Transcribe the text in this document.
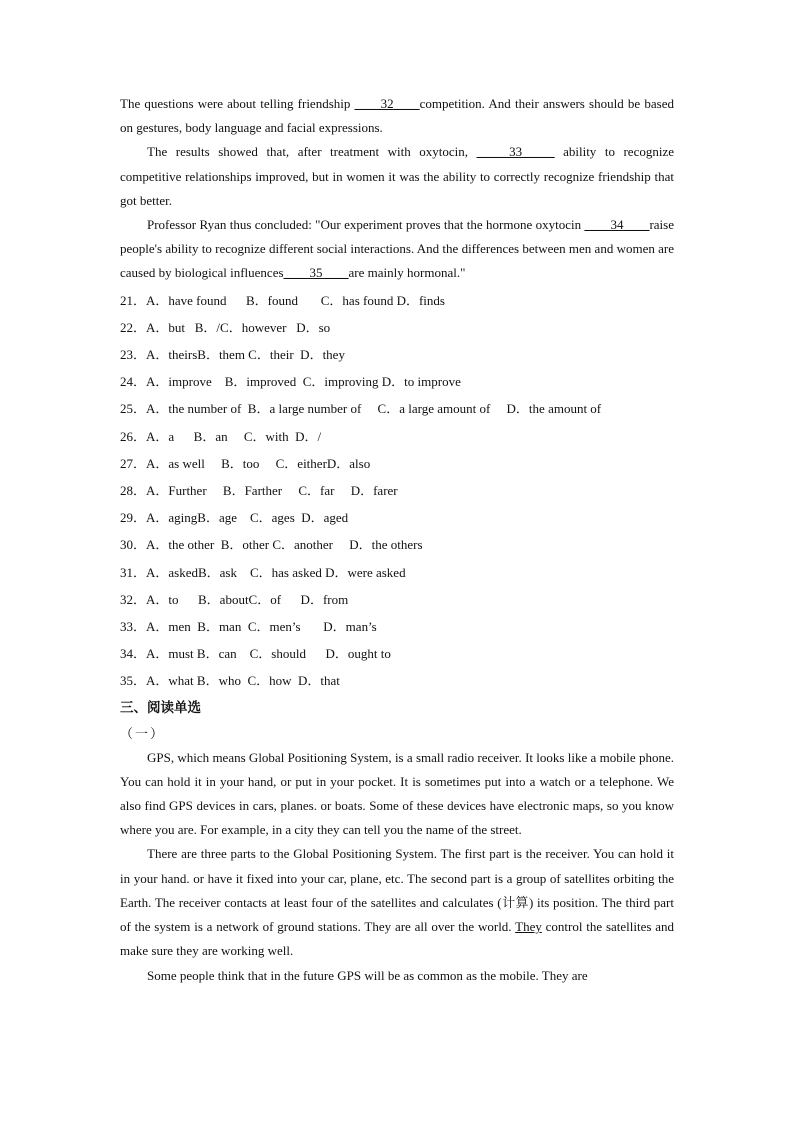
The questions were about telling friendship ____32____competition. And their answers should be based on gestures, body language and facial expressions.

The results showed that, after treatment with oxytocin, _____33_____ ability to recognize competitive relationships improved, but in women it was the ability to correctly recognize friendship that got better.

Professor Ryan thus concluded: "Our experiment proves that the hormone oxytocin ____34____raise people's ability to recognize different social interactions. And the differences between men and women are caused by biological influences____35____are mainly hormonal."

21．A．have found      B．found       C．has found D．finds

22．A．but   B．/C．however   D．so

23．A．theirsB．them C．their  D．they

24．A．improve    B．improved  C．improving D．to improve

25．A．the number of  B．a large number of     C．a large amount of     D．the amount of

26．A．a      B．an     C．with  D．/

27．A．as well     B．too     C．eitherD．also

28．A．Further     B．Farther     C．far     D．farer

29．A．agingB．age    C．ages  D．aged

30．A．the other  B．other C．another     D．the others

31．A．askedB．ask    C．has asked D．were asked

32．A．to      B．aboutC．of      D．from

33．A．men  B．man  C．men’s       D．man’s

34．A．must B．can    C．should      D．ought to

35．A．what B．who  C．how  D．that

三、阅读单选

（一）

GPS, which means Global Positioning System, is a small radio receiver. It looks like a mobile phone. You can hold it in your hand, or put in your pocket. It is sometimes put into a watch or a telephone. We also find GPS devices in cars, planes. or boats. Some of these devices have electronic maps, so you know where you are. For example, in a city they can tell you the name of the street.

There are three parts to the Global Positioning System. The first part is the receiver. You can hold it in your hand. or have it fixed into your car, plane, etc. The second part is a group of satellites orbiting the Earth. The receiver contacts at least four of the satellites and calculates (计算) its position. The third part of the system is a network of ground stations. They are all over the world. They control the satellites and make sure they are working well.

Some people think that in the future GPS will be as common as the mobile. They are
